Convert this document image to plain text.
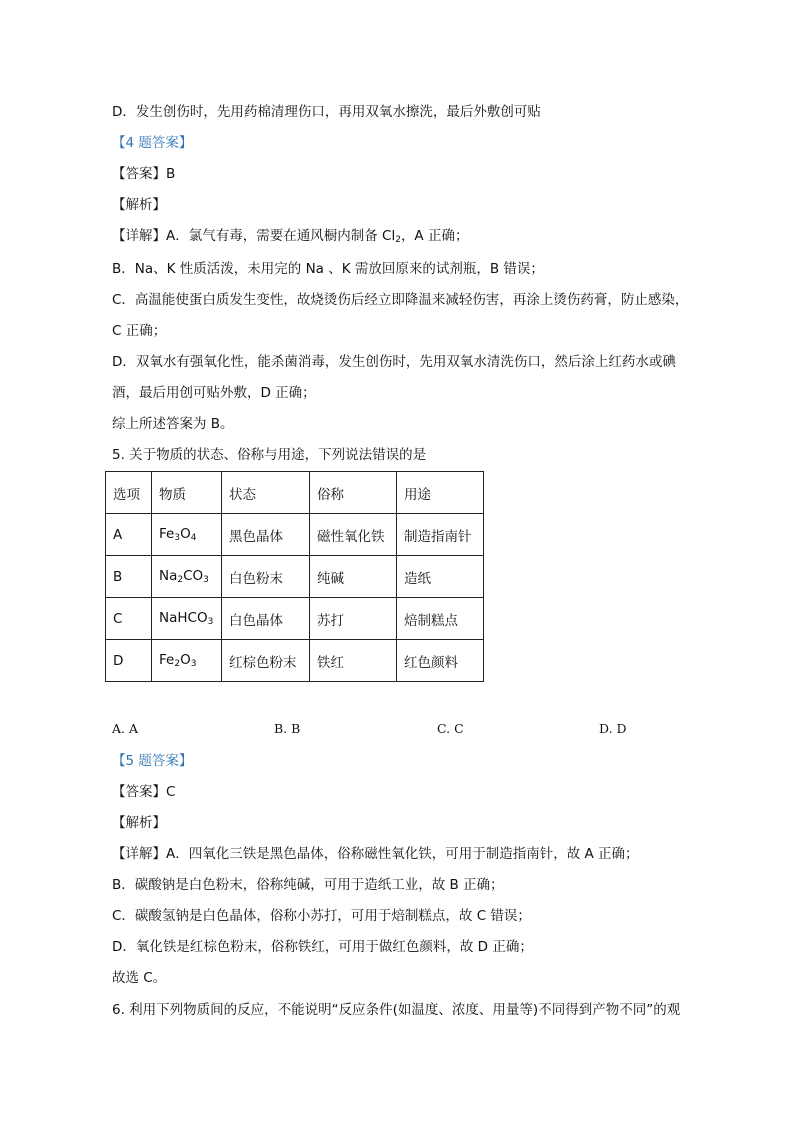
D．发生创伤时，先用药棉清理伤口，再用双氧水擦洗，最后外敷创可贴
【4 题答案】
【答案】B
【解析】
【详解】A．氯气有毒，需要在通风橱内制备 $Cl_2$，A 正确；
B．Na、K 性质活泼，未用完的 Na 、K 需放回原来的试剂瓶，B 错误；
C．高温能使蛋白质发生变性，故烧烫伤后经立即降温来减轻伤害，再涂上烫伤药膏，防止感染，
C 正确；
D．双氧水有强氧化性，能杀菌消毒，发生创伤时，先用双氧水清洗伤口，然后涂上红药水或碘
酒，最后用创可贴外敷，D 正确；
综上所述答案为 B。
5. 关于物质的状态、俗称与用途，下列说法错误的是
选项	物质	状态	俗称	用途
A	$Fe_3O_4$	黑色晶体	磁性氧化铁	制造指南针
B	$Na_2CO_3$	白色粉末	纯碱	造纸
C	NaHCO$_3$	白色晶体	苏打	焙制糕点
D	$Fe_2O_3$	红棕色粉末	铁红	红色颜料
A. A	B. B	C. C	D. D
【5 题答案】
【答案】C
【解析】
【详解】A．四氧化三铁是黑色晶体，俗称磁性氧化铁，可用于制造指南针，故 A 正确；
B．碳酸钠是白色粉末，俗称纯碱，可用于造纸工业，故 B 正确；
C．碳酸氢钠是白色晶体，俗称小苏打，可用于焙制糕点，故 C 错误；
D．氧化铁是红棕色粉末，俗称铁红，可用于做红色颜料，故 D 正确；
故选 C。
6. 利用下列物质间的反应，不能说明“反应条件(如温度、浓度、用量等)不同得到产物不同”的观
